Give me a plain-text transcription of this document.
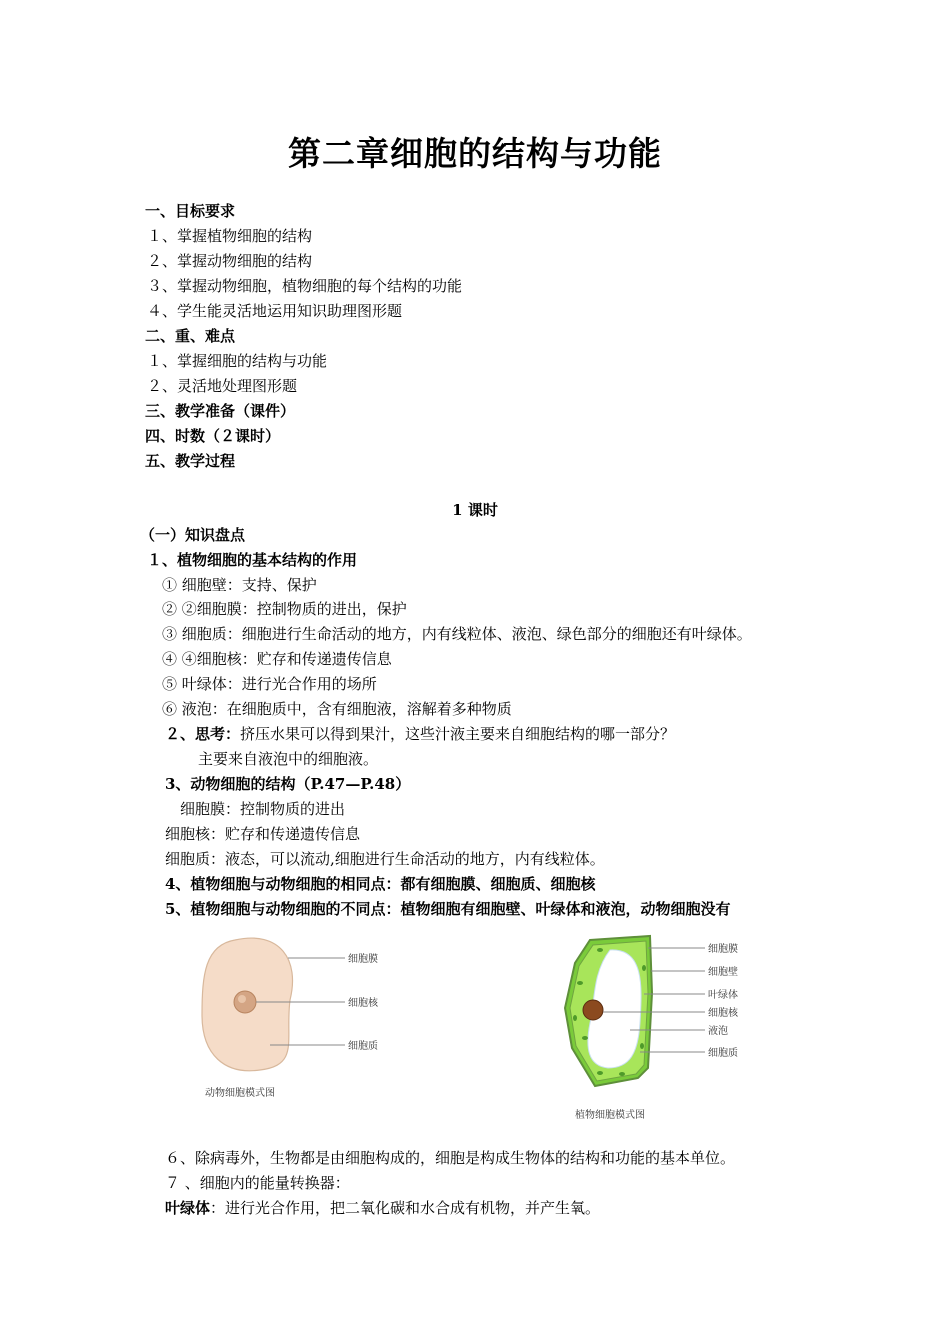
第二章细胞的结构与功能
一、目标要求
１、掌握植物细胞的结构
２、掌握动物细胞的结构
３、掌握动物细胞，植物细胞的每个结构的功能
４、学生能灵活地运用知识助理图形题
二、重、难点
１、掌握细胞的结构与功能
２、灵活地处理图形题
三、教学准备（课件）
四、时数（２课时）
五、教学过程
1 课时
（一）知识盘点
１、植物细胞的基本结构的作用
① 细胞壁：支持、保护
② ②细胞膜：控制物质的进出，保护
③ 细胞质：细胞进行生命活动的地方，内有线粒体、液泡、绿色部分的细胞还有叶绿体。
④ ④细胞核：贮存和传递遗传信息
⑤ 叶绿体：进行光合作用的场所
⑥ 液泡：在细胞质中，含有细胞液，溶解着多种物质
２、思考：挤压水果可以得到果汁，这些汁液主要来自细胞结构的哪一部分？
主要来自液泡中的细胞液。
3、动物细胞的结构（P.47—P.48）
细胞膜：控制物质的进出
细胞核：贮存和传递遗传信息
细胞质：液态，可以流动,细胞进行生命活动的地方，内有线粒体。
4、植物细胞与动物细胞的相同点：都有细胞膜、细胞质、细胞核
5、植物细胞与动物细胞的不同点：植物细胞有细胞壁、叶绿体和液泡，动物细胞没有
细胞膜
细胞核
细胞质
动物细胞模式图
细胞膜
细胞壁
叶绿体
细胞核
液泡
细胞质
植物细胞模式图
６、除病毒外，生物都是由细胞构成的，细胞是构成生物体的结构和功能的基本单位。
７ 、细胞内的能量转换器：
叶绿体：进行光合作用，把二氧化碳和水合成有机物，并产生氧。
